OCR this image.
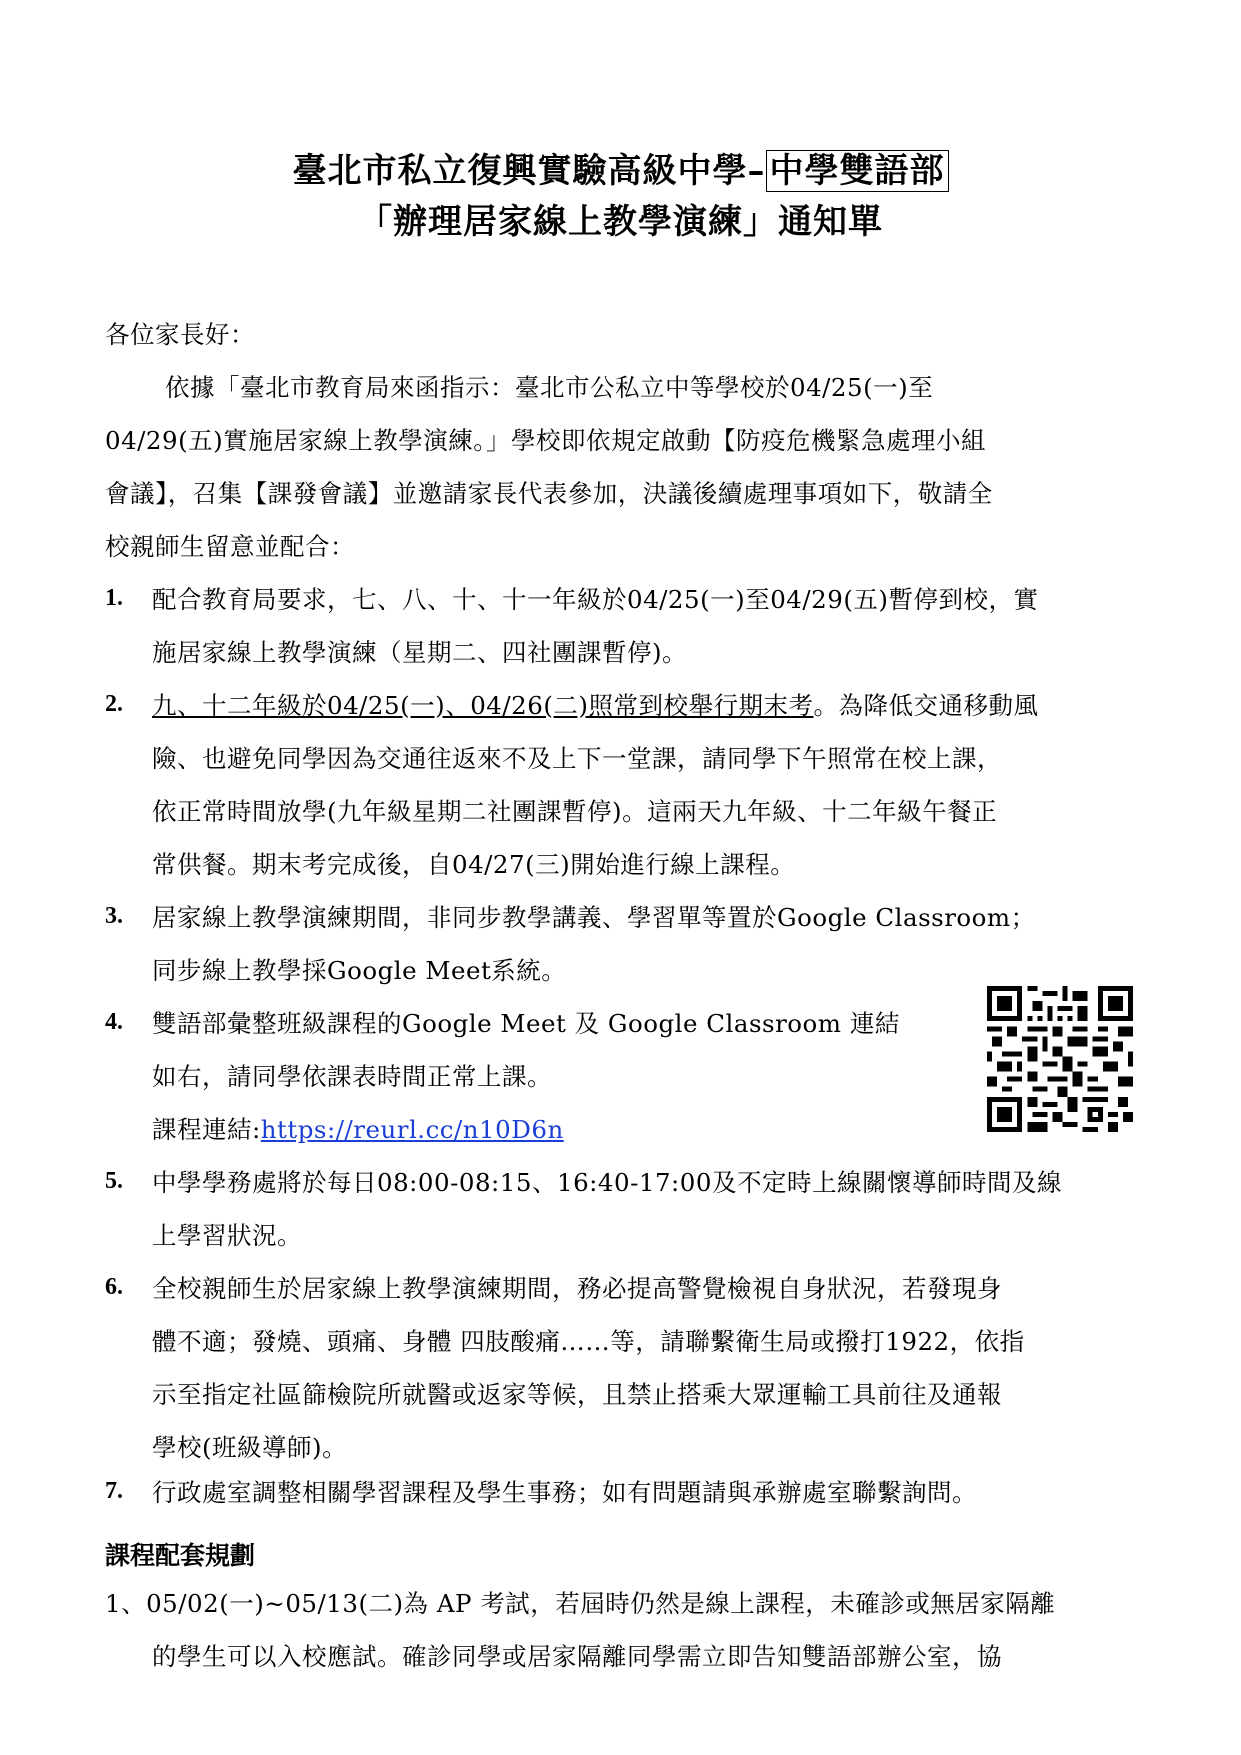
臺北市私立復興實驗高級中學– 中學雙語部
「辦理居家線上教學演練」通知單
各位家長好：
　依據「臺北市教育局來函指示：臺北市公私立中等學校於04/25(一)至
04/29(五)實施居家線上教學演練。」學校即依規定啟動【防疫危機緊急處理小組
會議】，召集【課發會議】並邀請家長代表參加，決議後續處理事項如下，敬請全
校親師生留意並配合：
1. 配合教育局要求，七、八、十、十一年級於04/25(一)至04/29(五)暫停到校，實
施居家線上教學演練（星期二、四社團課暫停)。
2. 九、十二年級於04/25(一)、04/26(二)照常到校舉行期末考。為降低交通移動風
險、也避免同學因為交通往返來不及上下一堂課，請同學下午照常在校上課，
依正常時間放學(九年級星期二社團課暫停)。這兩天九年級、十二年級午餐正
常供餐。期末考完成後，自04/27(三)開始進行線上課程。
3. 居家線上教學演練期間，非同步教學講義、學習單等置於Google Classroom；
同步線上教學採Google Meet系統。
4. 雙語部彙整班級課程的Google Meet 及 Google Classroom 連結
如右，請同學依課表時間正常上課。
課程連結:https://reurl.cc/n10D6n
5. 中學學務處將於每日08:00-08:15、16:40-17:00及不定時上線關懷導師時間及線
上學習狀況。
6. 全校親師生於居家線上教學演練期間，務必提高警覺檢視自身狀況，若發現身
體不適；發燒、頭痛、身體 四肢酸痛……等，請聯繫衛生局或撥打1922，依指
示至指定社區篩檢院所就醫或返家等候，且禁止搭乘大眾運輸工具前往及通報
學校(班級導師)。
7. 行政處室調整相關學習課程及學生事務；如有問題請與承辦處室聯繫詢問。
課程配套規劃
1、05/02(一)~05/13(二)為 AP 考試，若屆時仍然是線上課程，未確診或無居家隔離
的學生可以入校應試。確診同學或居家隔離同學需立即告知雙語部辦公室，協
